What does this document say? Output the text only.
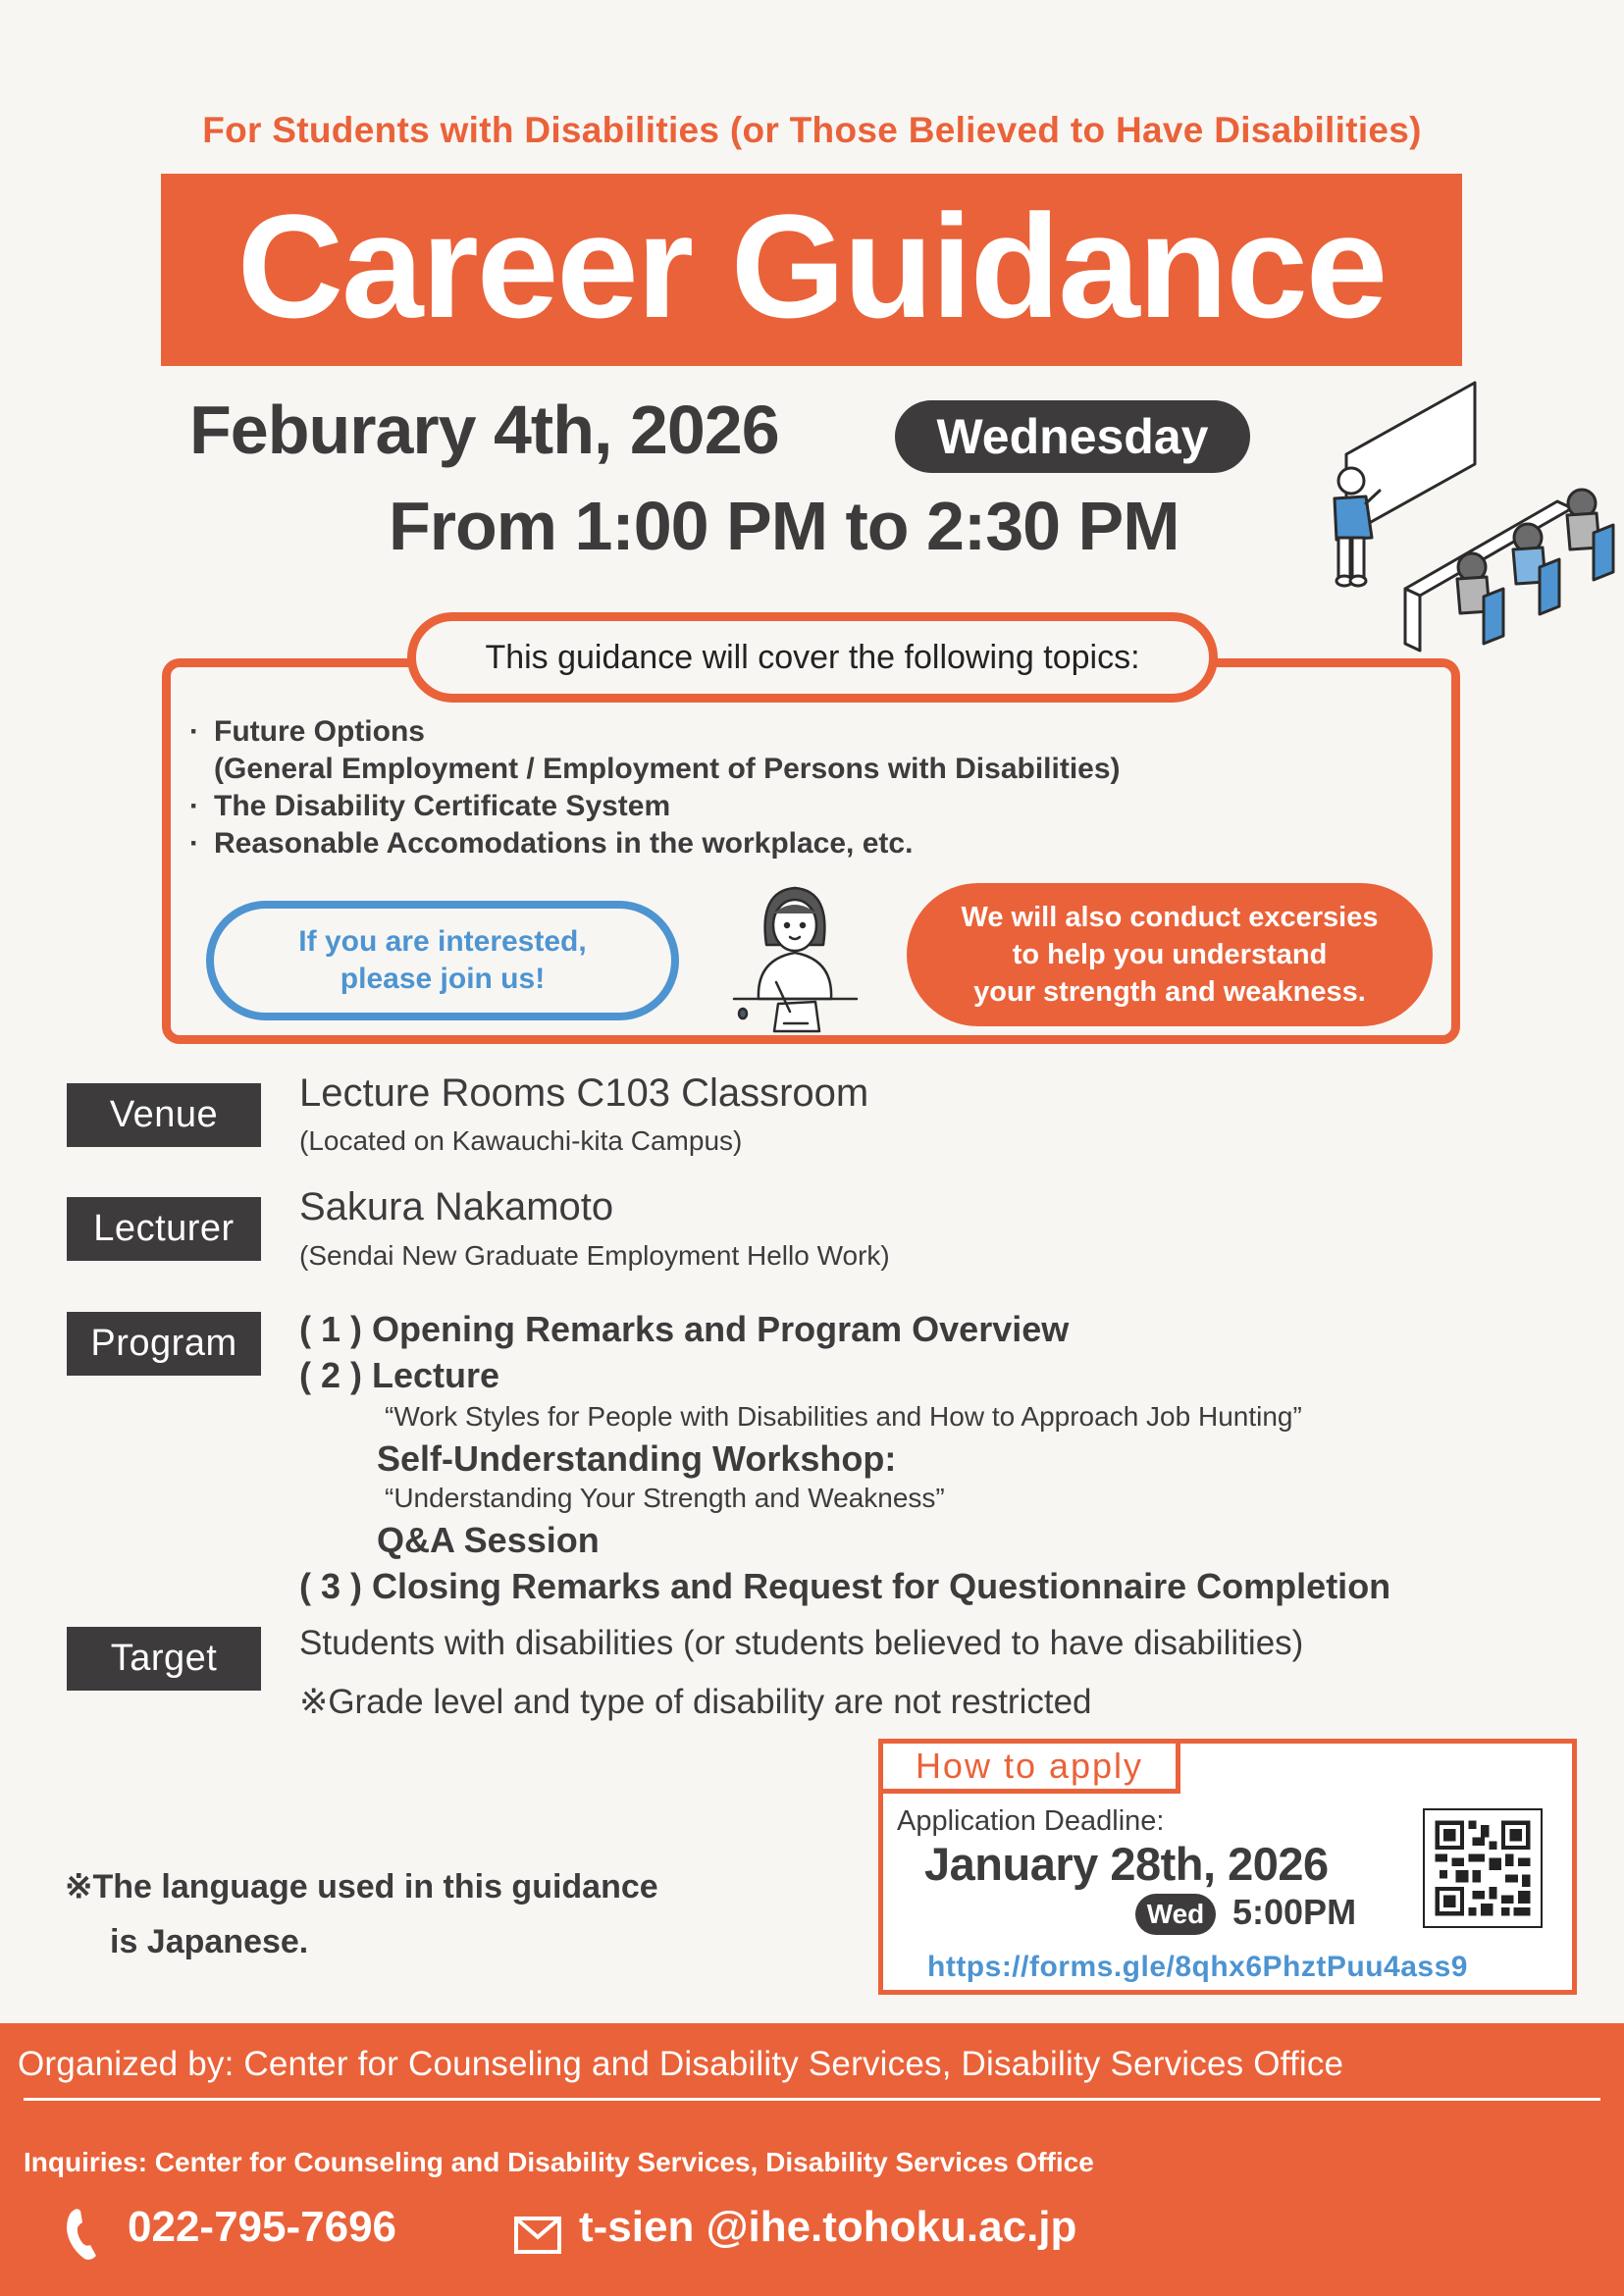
For Students with Disabilities (or Those Believed to Have Disabilities)
Career Guidance
Feburary 4th, 2026	Wednesday
From 1:00 PM to 2:30 PM
This guidance will cover the following topics:
· Future Options
(General Employment / Employment of Persons with Disabilities)
· The Disability Certificate System
· Reasonable Accomodations in the workplace, etc.
If you are interested,
please join us!
We will also conduct excersies
to help you understand
your strength and weakness.
Venue	Lecture Rooms C103 Classroom
(Located on Kawauchi-kita Campus)
Lecturer	Sakura Nakamoto
(Sendai New Graduate Employment Hello Work)
Program	( 1 ) Opening Remarks and Program Overview
( 2 ) Lecture
“Work Styles for People with Disabilities and How to Approach Job Hunting”
Self-Understanding Workshop:
“Understanding Your Strength and Weakness”
Q&A Session
( 3 ) Closing Remarks and Request for Questionnaire Completion
Target	Students with disabilities (or students believed to have disabilities)
※Grade level and type of disability are not restricted
※The language used in this guidance
is Japanese.
How to apply
Application Deadline:
January 28th, 2026
Wed 5:00PM
https://forms.gle/8qhx6PhztPuu4ass9
Organized by: Center for Counseling and Disability Services, Disability Services Office
Inquiries: Center for Counseling and Disability Services, Disability Services Office
022-795-7696	t-sien @ihe.tohoku.ac.jp
